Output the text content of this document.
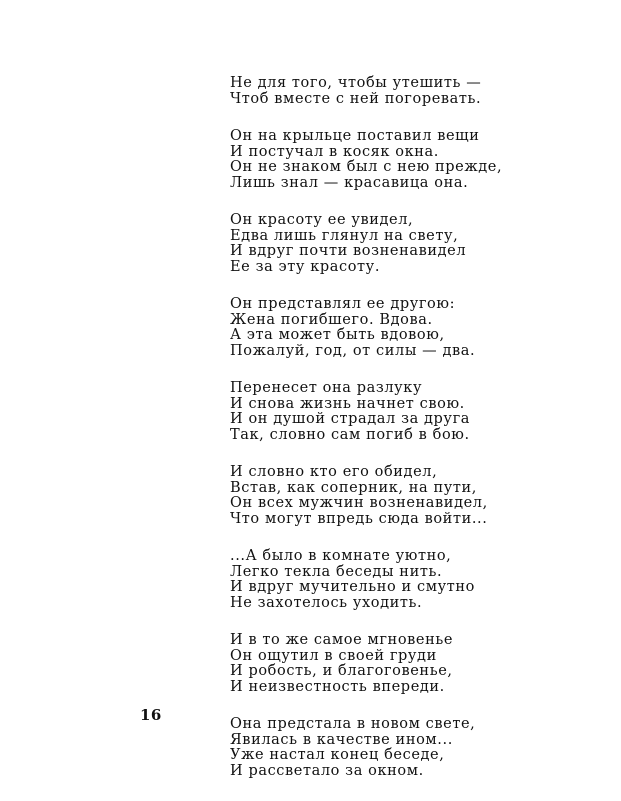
Не для того, чтобы утешить —
Чтоб вместе с ней погоревать.
Он на крыльце поставил вещи
И постучал в косяк окна.
Он не знаком был с нею прежде,
Лишь знал — красавица она.
Он красоту ее увидел,
Едва лишь глянул на свету,
И вдруг почти возненавидел
Ее за эту красоту.
Он представлял ее другою:
Жена погибшего. Вдова.
А эта может быть вдовою,
Пожалуй, год, от силы — два.
Перенесет она разлуку
И снова жизнь начнет свою.
И он душой страдал за друга
Так, словно сам погиб в бою.
И словно кто его обидел,
Встав, как соперник, на пути,
Он всех мужчин возненавидел,
Что могут впредь сюда войти...
...А было в комнате уютно,
Легко текла беседы нить.
И вдруг мучительно и смутно
Не захотелось уходить.
И в то же самое мгновенье
Он ощутил в своей груди
И робость, и благоговенье,
И неизвестность впереди.
Она предстала в новом свете,
Явилась в качестве ином...
Уже настал конец беседе,
И рассветало за окном.
16
